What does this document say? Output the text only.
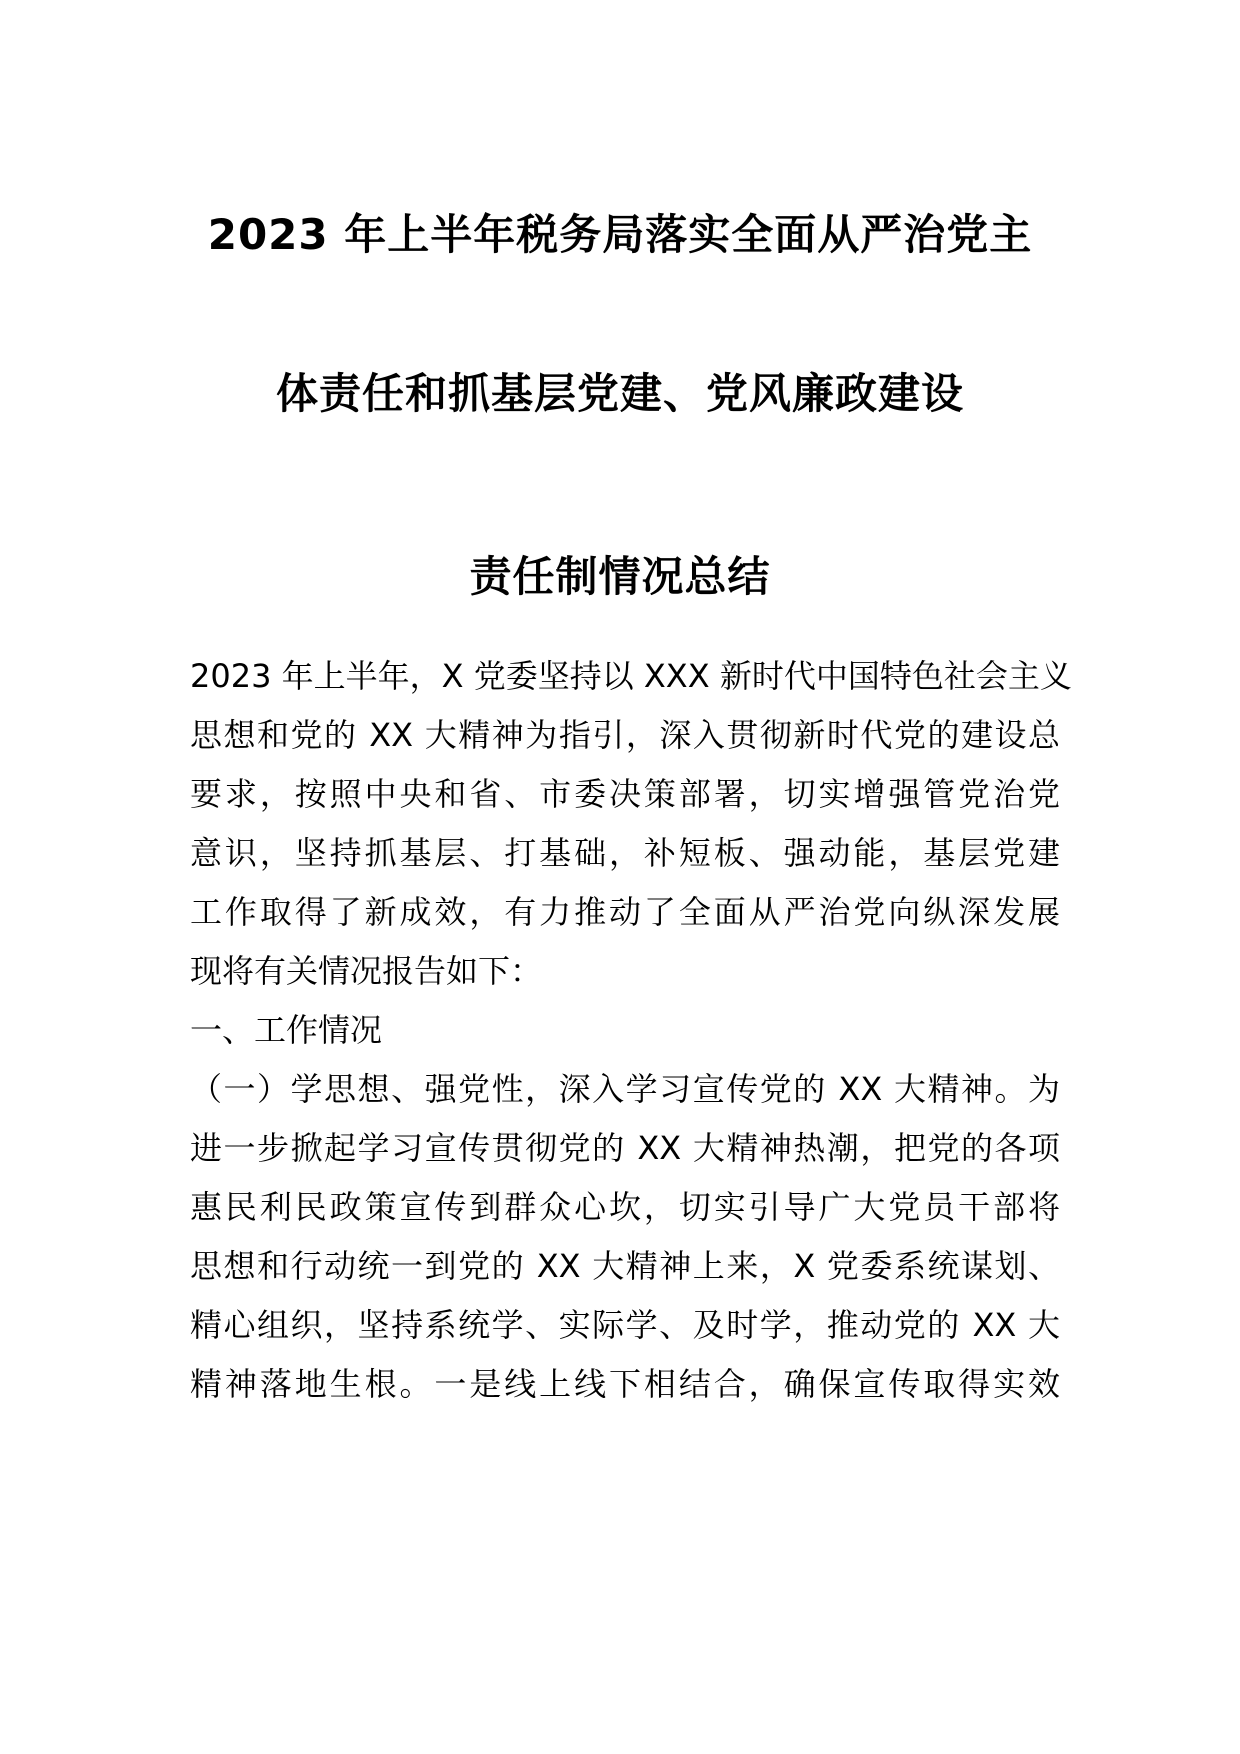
2023 年上半年税务局落实全面从严治党主
体责任和抓基层党建、党风廉政建设
责任制情况总结
2023 年上半年，X 党委坚持以 XXX 新时代中国特色社会主义
思想和党的 XX 大精神为指引，深入贯彻新时代党的建设总
要求，按照中央和省、市委决策部署，切实增强管党治党
意识，坚持抓基层、打基础，补短板、强动能，基层党建
工作取得了新成效，有力推动了全面从严治党向纵深发展
现将有关情况报告如下：
一、工作情况
（一）学思想、强党性，深入学习宣传党的 XX 大精神。为
进一步掀起学习宣传贯彻党的 XX 大精神热潮，把党的各项
惠民利民政策宣传到群众心坎，切实引导广大党员干部将
思想和行动统一到党的 XX 大精神上来，X 党委系统谋划、
精心组织，坚持系统学、实际学、及时学，推动党的 XX 大
精神落地生根。一是线上线下相结合，确保宣传取得实效
